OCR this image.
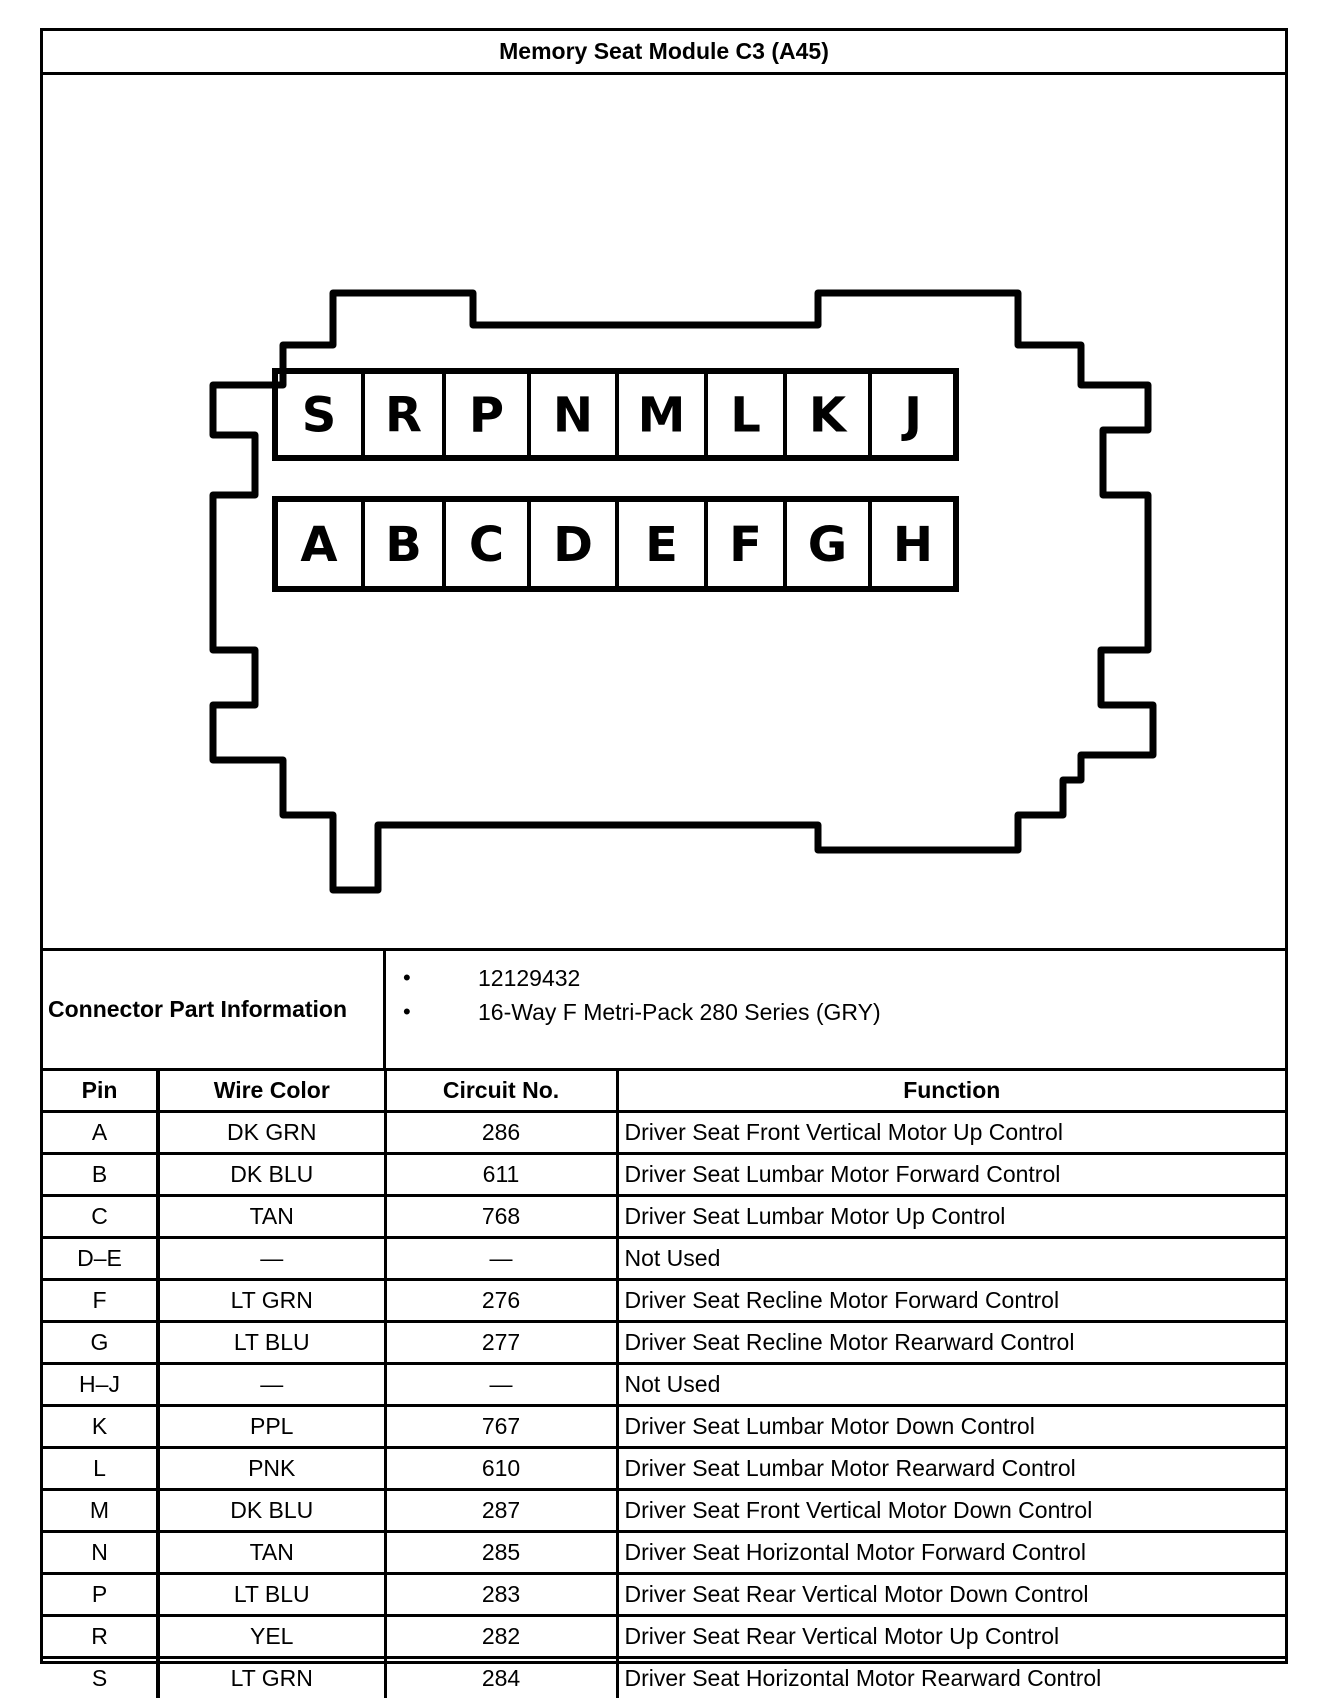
Memory Seat Module C3 (A45)
S R P N M L K J
A B C D E F G H
Connector Part Information
• 12129432
• 16-Way F Metri-Pack 280 Series (GRY)
Pin	Wire Color	Circuit No.	Function
A	DK GRN	286	Driver Seat Front Vertical Motor Up Control
B	DK BLU	611	Driver Seat Lumbar Motor Forward Control
C	TAN	768	Driver Seat Lumbar Motor Up Control
D–E	—	—	Not Used
F	LT GRN	276	Driver Seat Recline Motor Forward Control
G	LT BLU	277	Driver Seat Recline Motor Rearward Control
H–J	—	—	Not Used
K	PPL	767	Driver Seat Lumbar Motor Down Control
L	PNK	610	Driver Seat Lumbar Motor Rearward Control
M	DK BLU	287	Driver Seat Front Vertical Motor Down Control
N	TAN	285	Driver Seat Horizontal Motor Forward Control
P	LT BLU	283	Driver Seat Rear Vertical Motor Down Control
R	YEL	282	Driver Seat Rear Vertical Motor Up Control
S	LT GRN	284	Driver Seat Horizontal Motor Rearward Control
